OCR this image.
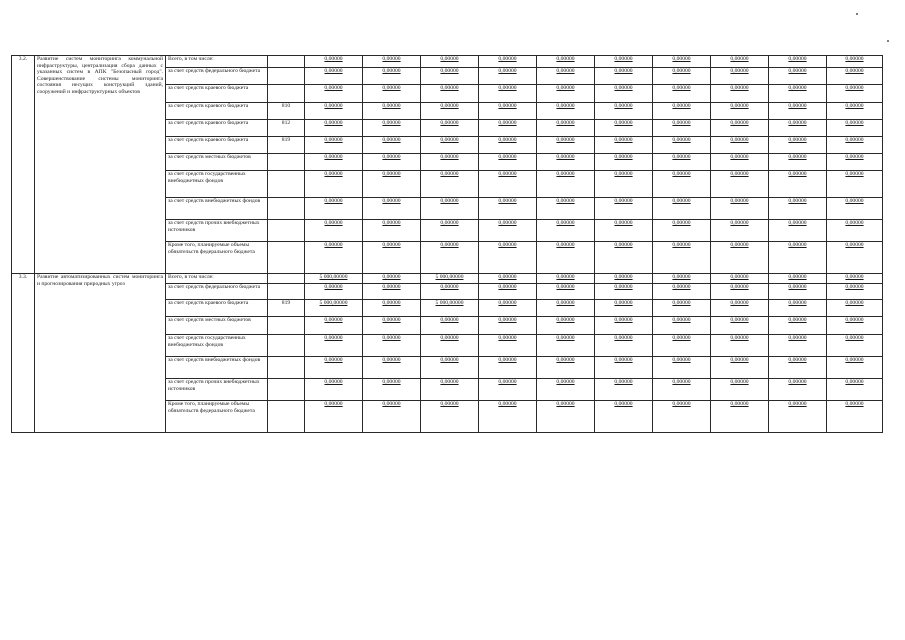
3.2.	Развитие систем мониторинга коммунальной инфраструктуры, централизация сбора данных с указанных систем в АПК "Безопасный город". Совершенствование системы мониторинга состояния несущих конструкций зданий, сооружений и инфраструктурных объектов	Всего, в том числе:		0,00000	0,00000	0,00000	0,00000	0,00000	0,00000	0,00000	0,00000	0,00000	0,00000

		за счет средств федерального бюджета		0,00000	0,00000	0,00000	0,00000	0,00000	0,00000	0,00000	0,00000	0,00000	0,00000

		за счет средств краевого бюджета		0,00000	0,00000	0,00000	0,00000	0,00000	0,00000	0,00000	0,00000	0,00000	0,00000

		за счет средств краевого бюджета	810	0,00000	0,00000	0,00000	0,00000	0,00000	0,00000	0,00000	0,00000	0,00000	0,00000

		за счет средств краевого бюджета	812	0,00000	0,00000	0,00000	0,00000	0,00000	0,00000	0,00000	0,00000	0,00000	0,00000

		за счет средств краевого бюджета	819	0,00000	0,00000	0,00000	0,00000	0,00000	0,00000	0,00000	0,00000	0,00000	0,00000

		за счет средств местных бюджетов		0,00000	0,00000	0,00000	0,00000	0,00000	0,00000	0,00000	0,00000	0,00000	0,00000

		за счет средств государственных внебюджетных фондов		0,00000	0,00000	0,00000	0,00000	0,00000	0,00000	0,00000	0,00000	0,00000	0,00000

		за счет средств внебюджетных фондов		0,00000	0,00000	0,00000	0,00000	0,00000	0,00000	0,00000	0,00000	0,00000	0,00000

		за счет средств прочих внебюджетных источников		0,00000	0,00000	0,00000	0,00000	0,00000	0,00000	0,00000	0,00000	0,00000	0,00000

		Кроме того, планируемые объемы обязательств федерального бюджета		0,00000	0,00000	0,00000	0,00000	0,00000	0,00000	0,00000	0,00000	0,00000	0,00000

3.3.	Развитие автоматизированных систем мониторинга и прогнозирования природных угроз	Всего, в том числе:		5 000,00000	0,00000	5 000,00000	0,00000	0,00000	0,00000	0,00000	0,00000	0,00000	0,00000

		за счет средств федерального бюджета		0,00000	0,00000	0,00000	0,00000	0,00000	0,00000	0,00000	0,00000	0,00000	0,00000

		за счет средств краевого бюджета	819	5 000,00000	0,00000	5 000,00000	0,00000	0,00000	0,00000	0,00000	0,00000	0,00000	0,00000

		за счет средств местных бюджетов		0,00000	0,00000	0,00000	0,00000	0,00000	0,00000	0,00000	0,00000	0,00000	0,00000

		за счет средств государственных внебюджетных фондов		0,00000	0,00000	0,00000	0,00000	0,00000	0,00000	0,00000	0,00000	0,00000	0,00000

		за счет средств внебюджетных фондов		0,00000	0,00000	0,00000	0,00000	0,00000	0,00000	0,00000	0,00000	0,00000	0,00000

		за счет средств прочих внебюджетных источников		0,00000	0,00000	0,00000	0,00000	0,00000	0,00000	0,00000	0,00000	0,00000	0,00000

		Кроме того, планируемые объемы обязательств федерального бюджета		0,00000	0,00000	0,00000	0,00000	0,00000	0,00000	0,00000	0,00000	0,00000	0,00000
